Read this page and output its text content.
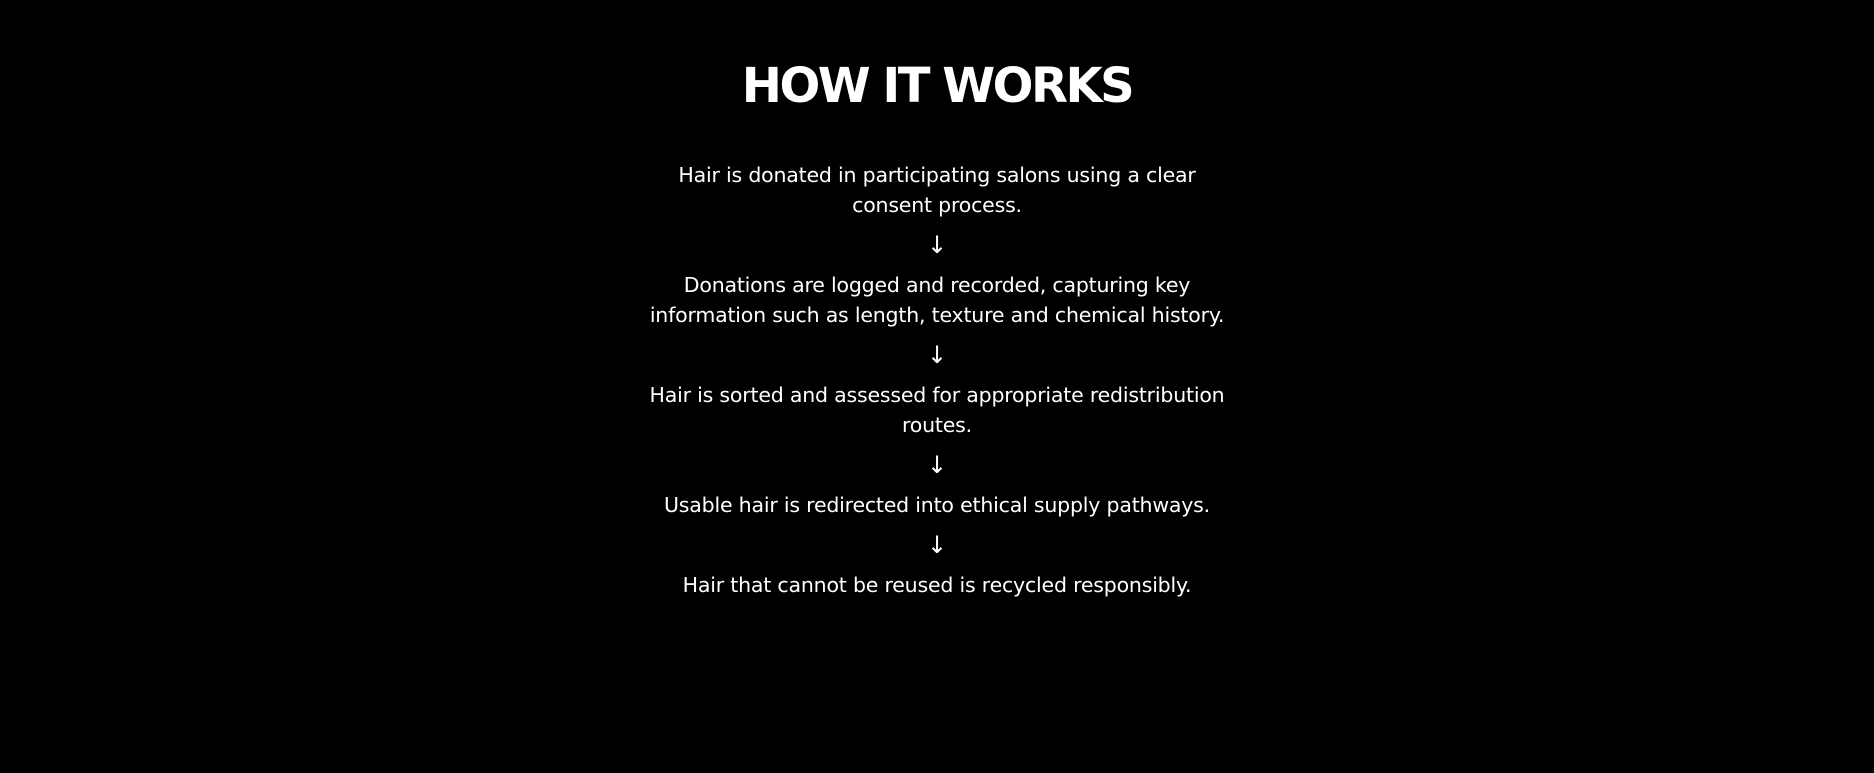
HOW IT WORKS
Hair is donated in participating salons using a clear consent process.
↓
Donations are logged and recorded, capturing key information such as length, texture and chemical history.
↓
Hair is sorted and assessed for appropriate redistribution routes.
↓
Usable hair is redirected into ethical supply pathways.
↓
Hair that cannot be reused is recycled responsibly.
